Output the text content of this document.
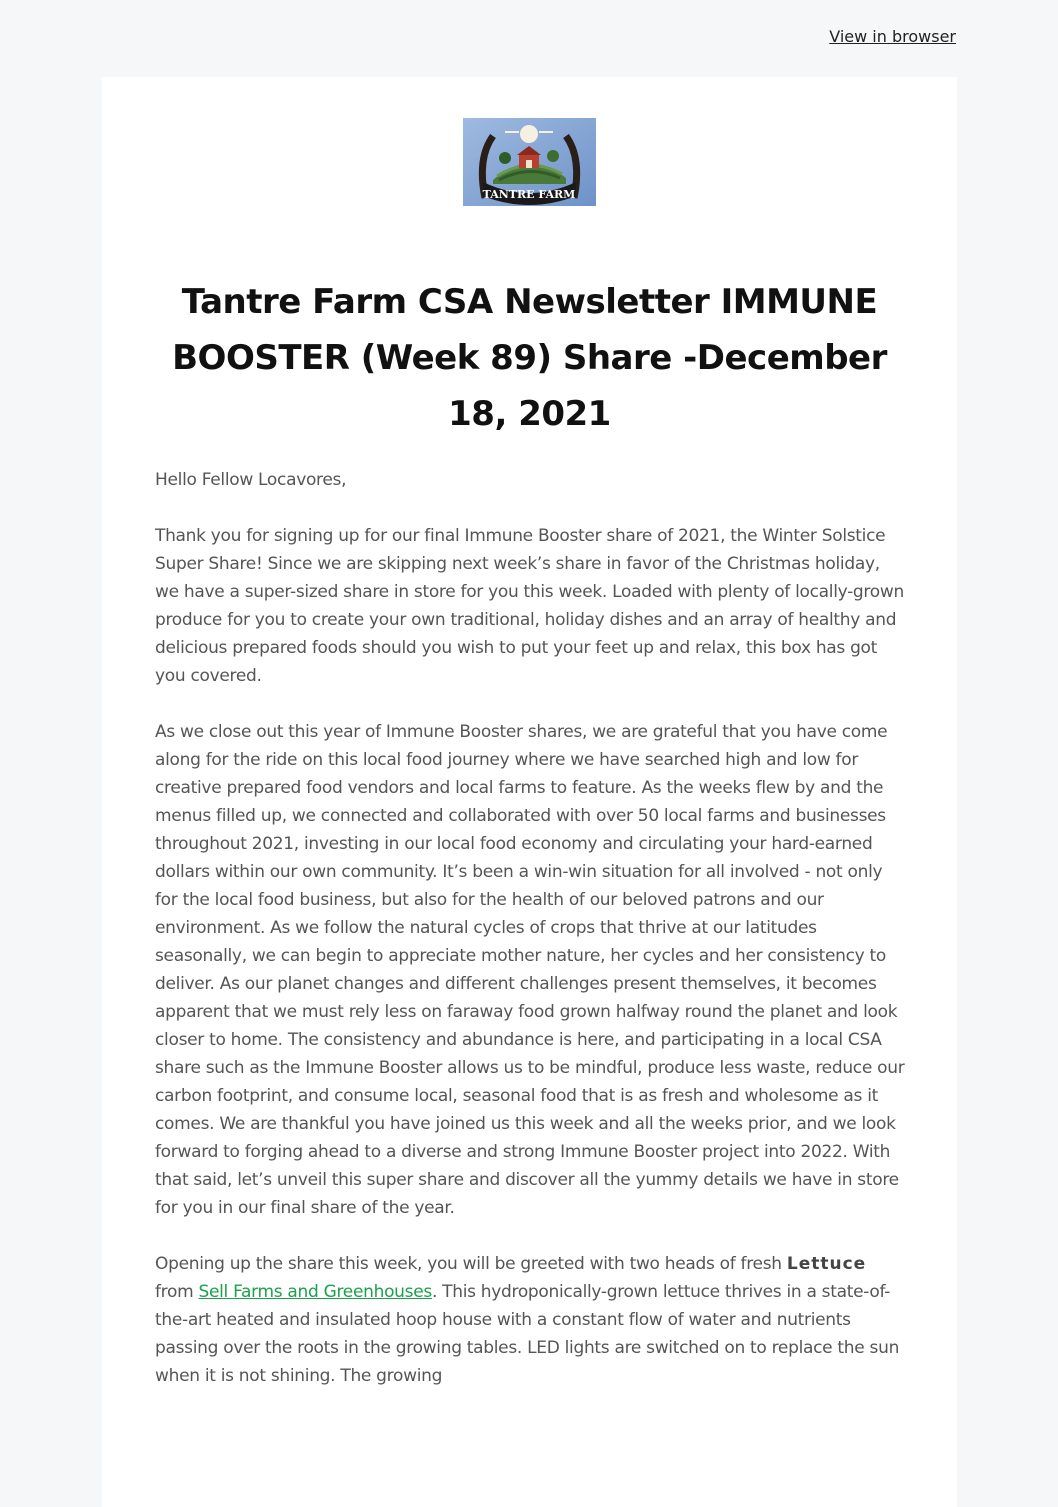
View in browser
TANTRE FARM
Tantre Farm CSA Newsletter IMMUNE BOOSTER (Week 89) Share -December 18, 2021

Hello Fellow Locavores,

Thank you for signing up for our final Immune Booster share of 2021, the Winter Solstice Super Share! Since we are skipping next week’s share in favor of the Christmas holiday, we have a super-sized share in store for you this week. Loaded with plenty of locally-grown produce for you to create your own traditional, holiday dishes and an array of healthy and delicious prepared foods should you wish to put your feet up and relax, this box has got you covered.

As we close out this year of Immune Booster shares, we are grateful that you have come along for the ride on this local food journey where we have searched high and low for creative prepared food vendors and local farms to feature. As the weeks flew by and the menus filled up, we connected and collaborated with over 50 local farms and businesses throughout 2021, investing in our local food economy and circulating your hard-earned dollars within our own community. It’s been a win-win situation for all involved - not only for the local food business, but also for the health of our beloved patrons and our environment. As we follow the natural cycles of crops that thrive at our latitudes seasonally, we can begin to appreciate mother nature, her cycles and her consistency to deliver. As our planet changes and different challenges present themselves, it becomes apparent that we must rely less on faraway food grown halfway round the planet and look closer to home. The consistency and abundance is here, and participating in a local CSA share such as the Immune Booster allows us to be mindful, produce less waste, reduce our carbon footprint, and consume local, seasonal food that is as fresh and wholesome as it comes. We are thankful you have joined us this week and all the weeks prior, and we look forward to forging ahead to a diverse and strong Immune Booster project into 2022. With that said, let’s unveil this super share and discover all the yummy details we have in store for you in our final share of the year.

Opening up the share this week, you will be greeted with two heads of fresh Lettuce from Sell Farms and Greenhouses. This hydroponically-grown lettuce thrives in a state-of-the-art heated and insulated hoop house with a constant flow of water and nutrients passing over the roots in the growing tables. LED lights are switched on to replace the sun when it is not shining. The growing
